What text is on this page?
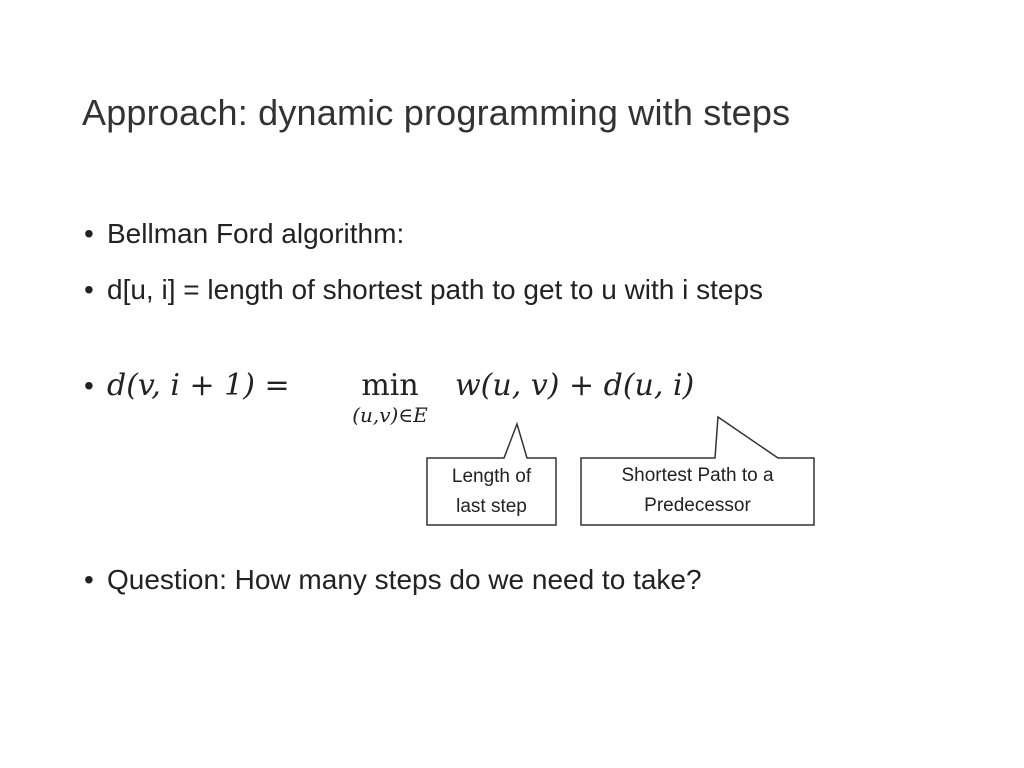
Approach: dynamic programming with steps
• Bellman Ford algorithm:
• d[u, i] = length of shortest path to get to u with i steps
• d(v, i + 1) =	min
(u,v)∈E
w(u, v) + d(u, i)
Length of
last step
Shortest Path to a
Predecessor
• Question: How many steps do we need to take?
